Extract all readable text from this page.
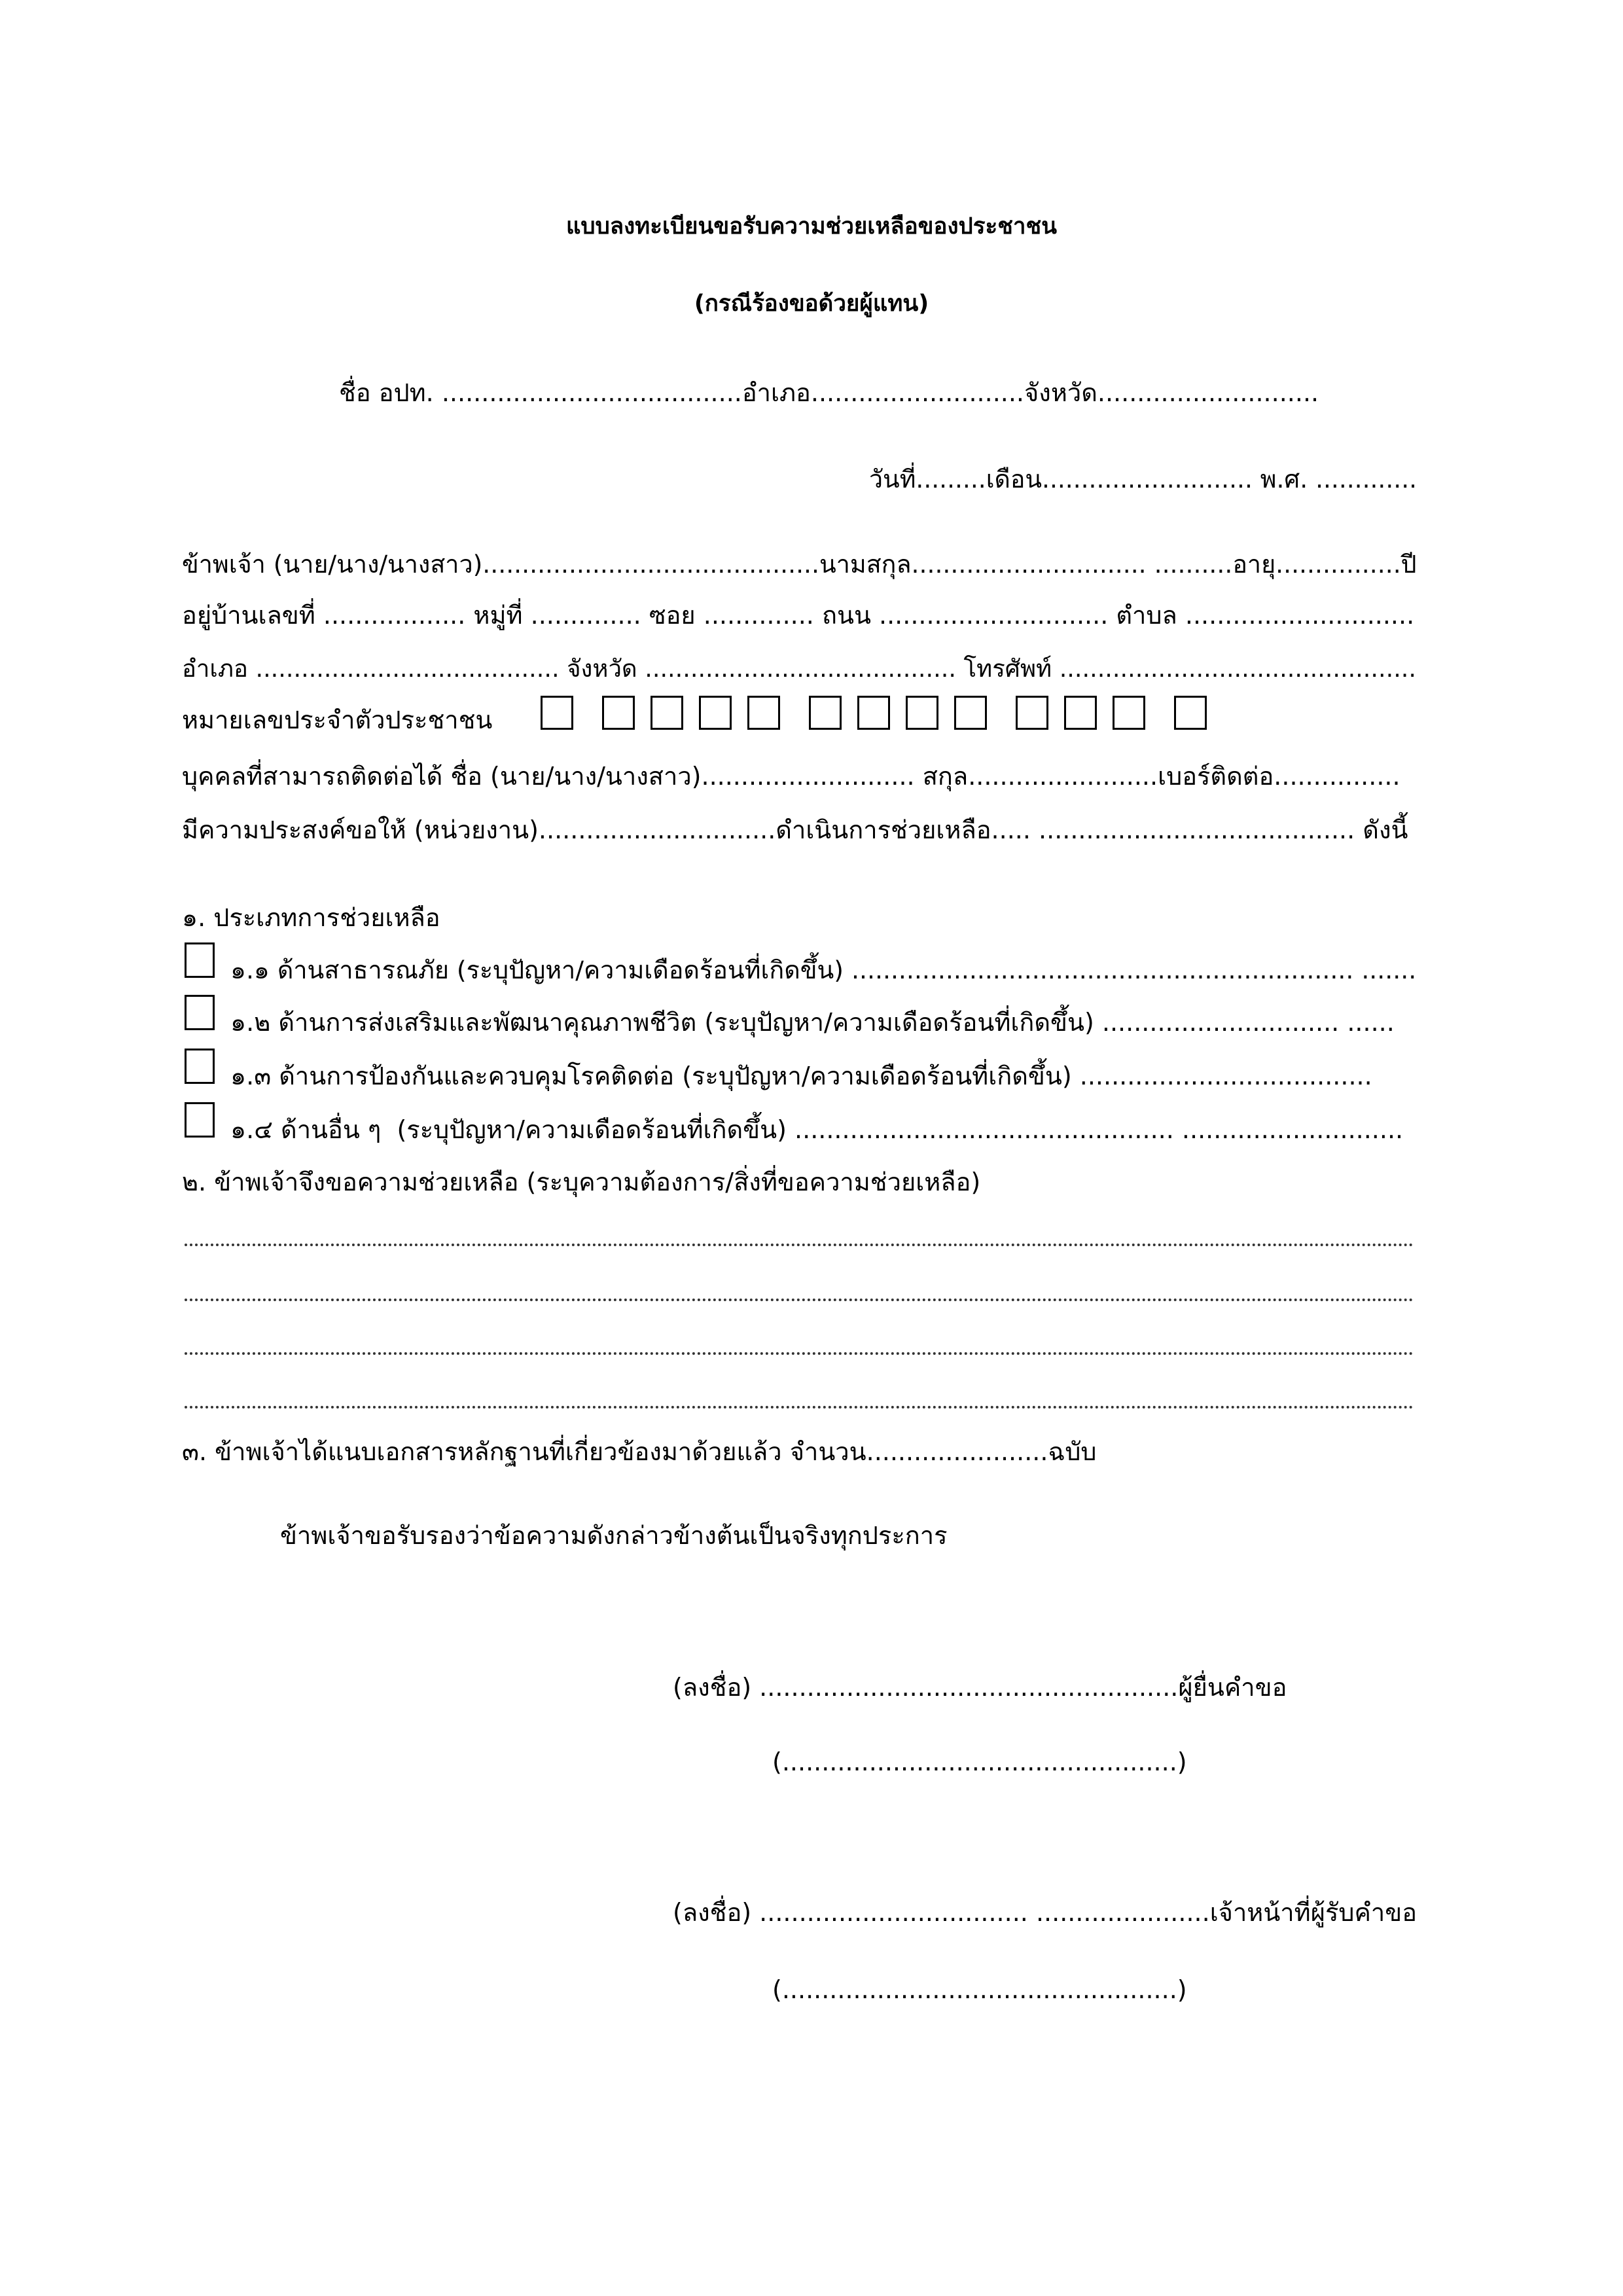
แบบลงทะเบียนขอรับความช่วยเหลือของประชาชน
(กรณีร้องขอด้วยผู้แทน)
ชื่อ อปท. ......................................อำเภอ...........................จังหวัด............................
วันที่.........เดือน........................... พ.ศ. .............
ข้าพเจ้า (นาย/นาง/นางสาว)...........................................นามสกุล.............................. ..........อายุ................ปี
อยู่บ้านเลขที่ .................. หมู่ที่ .............. ซอย .............. ถนน ............................. ตำบล .............................
อำเภอ ........................................ จังหวัด ......................................... โทรศัพท์ ...............................................
หมายเลขประจำตัวประชาชน
บุคคลที่สามารถติดต่อได้ ชื่อ (นาย/นาง/นางสาว)........................... สกุล........................เบอร์ติดต่อ................
มีความประสงค์ขอให้ (หน่วยงาน)..............................ดำเนินการช่วยเหลือ..... ........................................ ดังนี้
๑. ประเภทการช่วยเหลือ
๑.๑ ด้านสาธารณภัย (ระบุปัญหา/ความเดือดร้อนที่เกิดขึ้น) ................................................................ .......
๑.๒ ด้านการส่งเสริมและพัฒนาคุณภาพชีวิต (ระบุปัญหา/ความเดือดร้อนที่เกิดขึ้น) .............................. ......
๑.๓ ด้านการป้องกันและควบคุมโรคติดต่อ (ระบุปัญหา/ความเดือดร้อนที่เกิดขึ้น) .....................................
๑.๔ ด้านอื่น ๆ  (ระบุปัญหา/ความเดือดร้อนที่เกิดขึ้น) ................................................ ............................
๒. ข้าพเจ้าจึงขอความช่วยเหลือ (ระบุความต้องการ/สิ่งที่ขอความช่วยเหลือ)
๓. ข้าพเจ้าได้แนบเอกสารหลักฐานที่เกี่ยวข้องมาด้วยแล้ว จำนวน.......................ฉบับ
ข้าพเจ้าขอรับรองว่าข้อความดังกล่าวข้างต้นเป็นจริงทุกประการ
(ลงชื่อ) .....................................................ผู้ยื่นคำขอ
(..................................................)
(ลงชื่อ) .................................. ......................เจ้าหน้าที่ผู้รับคำขอ
(..................................................)
